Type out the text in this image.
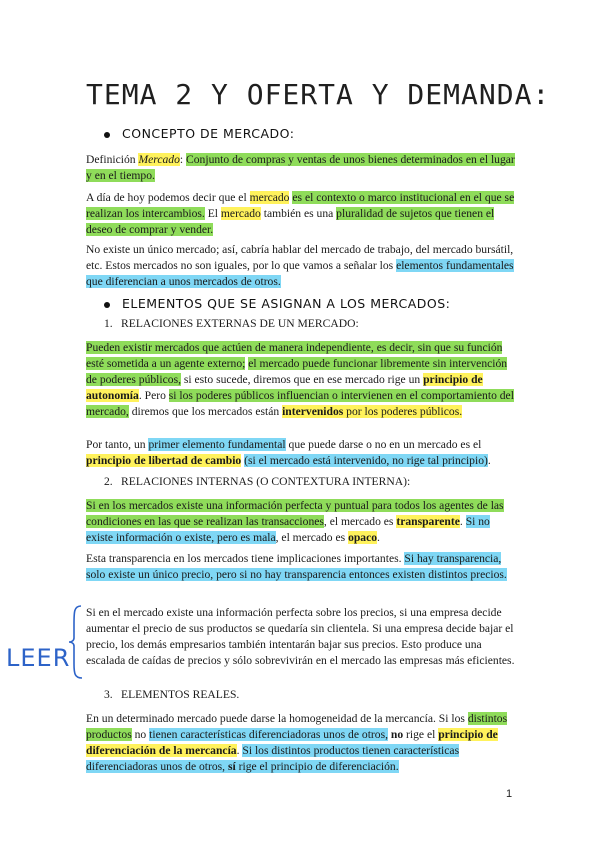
TEMA 2 Y OFERTA Y DEMANDA:
CONCEPTO DE MERCADO:

Definición Mercado: Conjunto de compras y ventas de unos bienes determinados en el lugar y en el tiempo.

A día de hoy podemos decir que el mercado es el contexto o marco institucional en el que se realizan los intercambios. El mercado también es una pluralidad de sujetos que tienen el deseo de comprar y vender.

No existe un único mercado; así, cabría hablar del mercado de trabajo, del mercado bursátil, etc. Estos mercados no son iguales, por lo que vamos a señalar los elementos fundamentales que diferencian a unos mercados de otros.

ELEMENTOS QUE SE ASIGNAN A LOS MERCADOS:
1. RELACIONES EXTERNAS DE UN MERCADO:

Pueden existir mercados que actúen de manera independiente, es decir, sin que su función esté sometida a un agente externo; el mercado puede funcionar libremente sin intervención de poderes públicos, si esto sucede, diremos que en ese mercado rige un principio de autonomía. Pero si los poderes públicos influencian o intervienen en el comportamiento del mercado, diremos que los mercados están intervenidos por los poderes públicos.

Por tanto, un primer elemento fundamental que puede darse o no en un mercado es el principio de libertad de cambio (si el mercado está intervenido, no rige tal principio).

2. RELACIONES INTERNAS (O CONTEXTURA INTERNA):

Si en los mercados existe una información perfecta y puntual para todos los agentes de las condiciones en las que se realizan las transacciones, el mercado es transparente. Si no existe información o existe, pero es mala, el mercado es opaco.

Esta transparencia en los mercados tiene implicaciones importantes. Si hay transparencia, solo existe un único precio, pero si no hay transparencia entonces existen distintos precios.

LEER

Si en el mercado existe una información perfecta sobre los precios, si una empresa decide aumentar el precio de sus productos se quedaría sin clientela. Si una empresa decide bajar el precio, los demás empresarios también intentarán bajar sus precios. Esto produce una escalada de caídas de precios y sólo sobrevivirán en el mercado las empresas más eficientes.

3. ELEMENTOS REALES.

En un determinado mercado puede darse la homogeneidad de la mercancía. Si los distintos productos no tienen características diferenciadoras unos de otros, no rige el principio de diferenciación de la mercancía. Si los distintos productos tienen características diferenciadoras unos de otros, sí rige el principio de diferenciación.

1
